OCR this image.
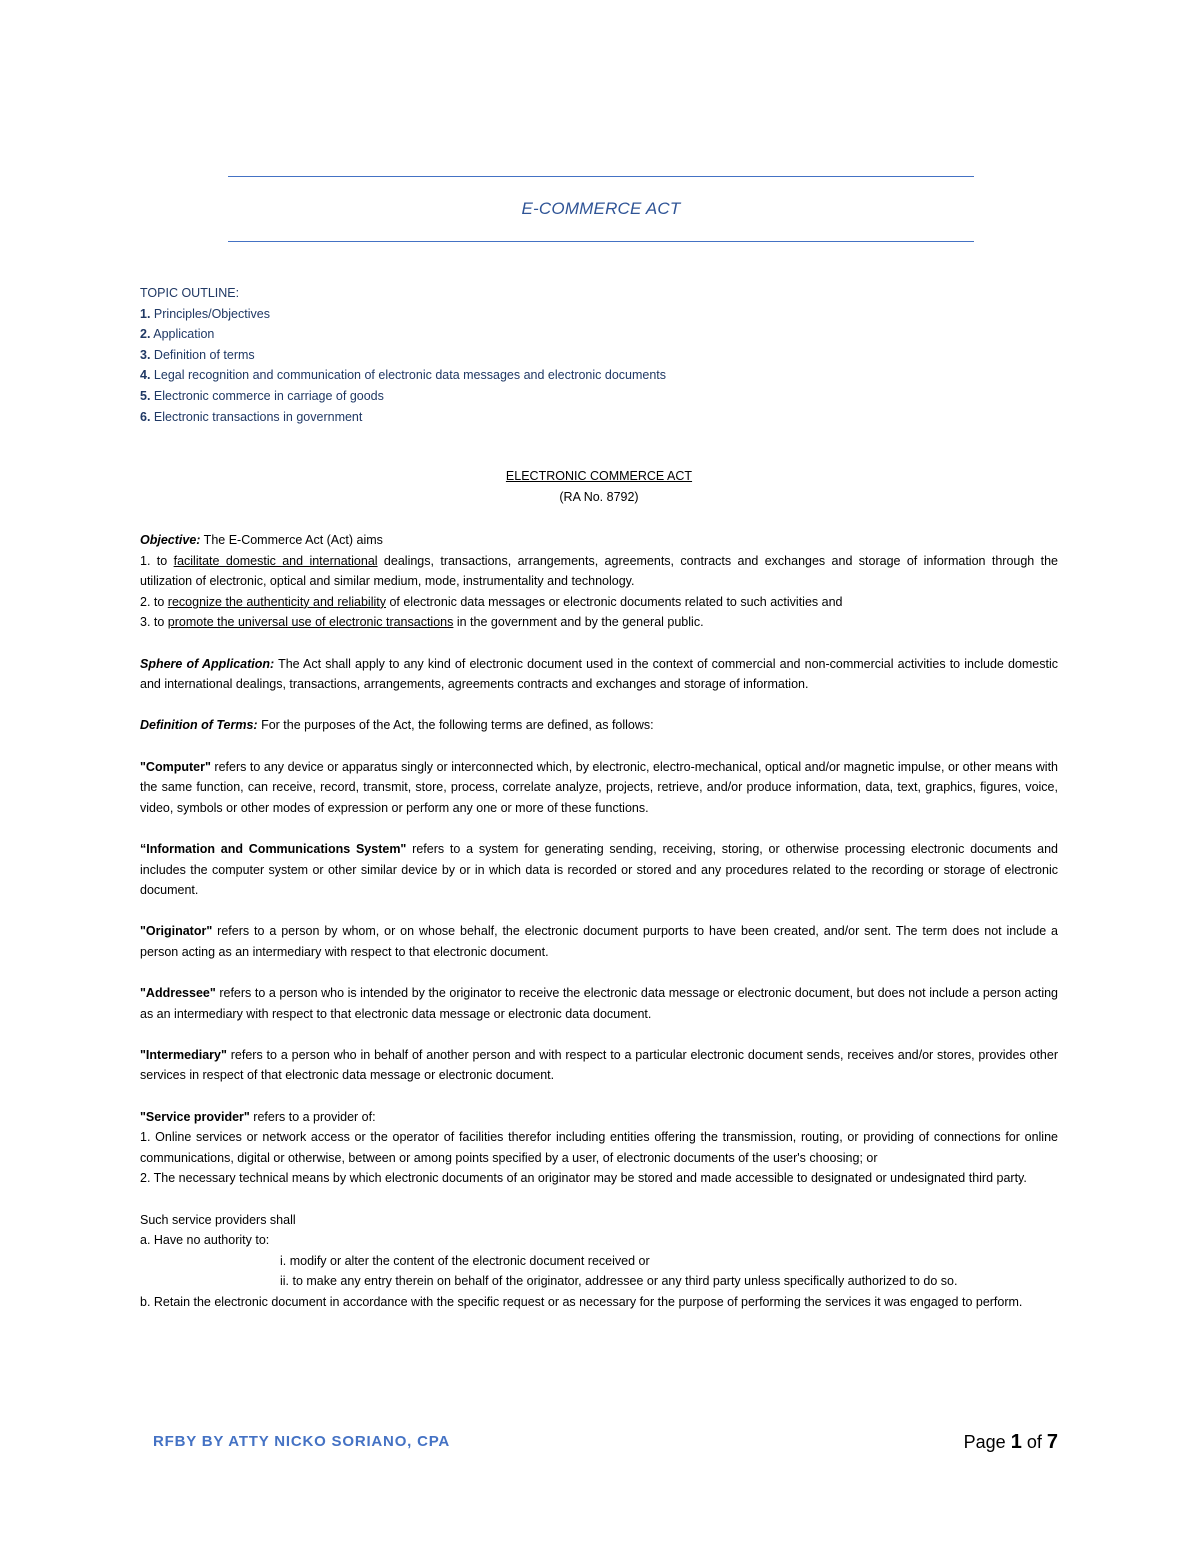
E-COMMERCE ACT
TOPIC OUTLINE:
1. Principles/Objectives
2. Application
3. Definition of terms
4. Legal recognition and communication of electronic data messages and electronic documents
5. Electronic commerce in carriage of goods
6. Electronic transactions in government
ELECTRONIC COMMERCE ACT
(RA No. 8792)

Objective: The E-Commerce Act (Act) aims

1. to facilitate domestic and international dealings, transactions, arrangements, agreements, contracts and exchanges and storage of information through the utilization of electronic, optical and similar medium, mode, instrumentality and technology.

2. to recognize the authenticity and reliability of electronic data messages or electronic documents related to such activities and

3. to promote the universal use of electronic transactions in the government and by the general public.

Sphere of Application: The Act shall apply to any kind of electronic document used in the context of commercial and non-commercial activities to include domestic and international dealings, transactions, arrangements, agreements contracts and exchanges and storage of information.

Definition of Terms: For the purposes of the Act, the following terms are defined, as follows:

"Computer" refers to any device or apparatus singly or interconnected which, by electronic, electro-mechanical, optical and/or magnetic impulse, or other means with the same function, can receive, record, transmit, store, process, correlate analyze, projects, retrieve, and/or produce information, data, text, graphics, figures, voice, video, symbols or other modes of expression or perform any one or more of these functions.

“Information and Communications System" refers to a system for generating sending, receiving, storing, or otherwise processing electronic documents and includes the computer system or other similar device by or in which data is recorded or stored and any procedures related to the recording or storage of electronic document.

"Originator" refers to a person by whom, or on whose behalf, the electronic document purports to have been created, and/or sent. The term does not include a person acting as an intermediary with respect to that electronic document.

"Addressee" refers to a person who is intended by the originator to receive the electronic data message or electronic document, but does not include a person acting as an intermediary with respect to that electronic data message or electronic data document.

"Intermediary" refers to a person who in behalf of another person and with respect to a particular electronic document sends, receives and/or stores, provides other services in respect of that electronic data message or electronic document.

"Service provider" refers to a provider of:

1. Online services or network access or the operator of facilities therefor including entities offering the transmission, routing, or providing of connections for online communications, digital or otherwise, between or among points specified by a user, of electronic documents of the user's choosing; or

2. The necessary technical means by which electronic documents of an originator may be stored and made accessible to designated or undesignated third party.

Such service providers shall

a. Have no authority to:

i. modify or alter the content of the electronic document received or

ii. to make any entry therein on behalf of the originator, addressee or any third party unless specifically authorized to do so.

b. Retain the electronic document in accordance with the specific request or as necessary for the purpose of performing the services it was engaged to perform.

RFBY BY ATTY NICKO SORIANO, CPA	Page 1 of 7
